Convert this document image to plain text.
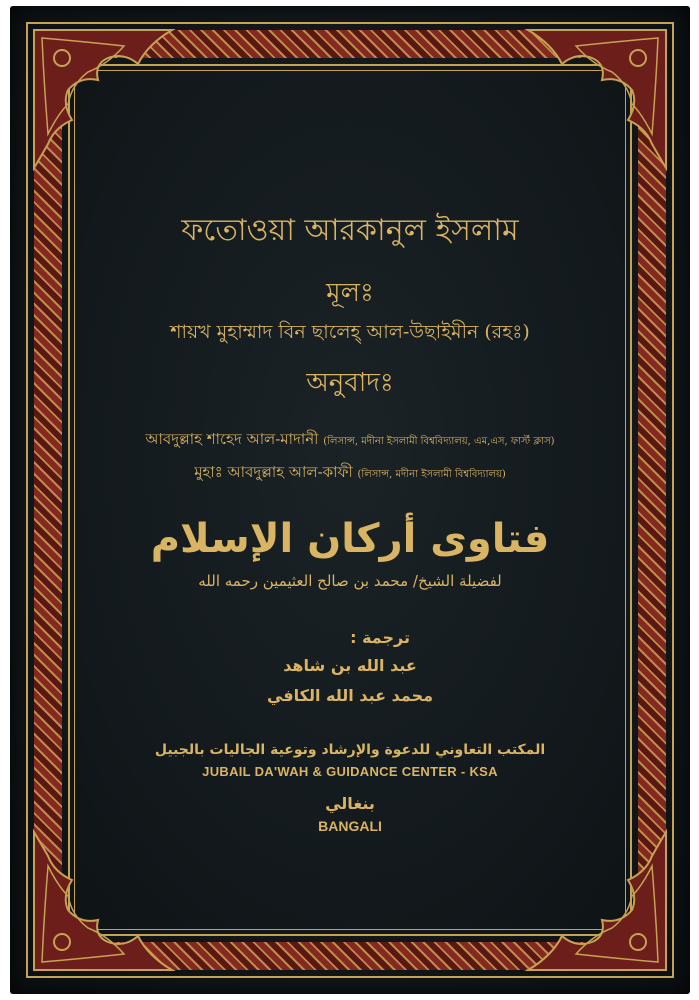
ফতোওয়া আরকানুল ইসলাম
মূলঃ
শায়খ মুহাম্মাদ বিন ছালেহ্ আল-উছাইমীন (রহঃ)
অনুবাদঃ
আবদুল্লাহ শাহেদ আল-মাদানী (লিসান্স, মদীনা ইসলামী বিশ্ববিদ্যালয়, এম,এস, ফার্স্ট ক্লাস)
মুহাঃ আবদুল্লাহ আল-কাফী (লিসান্স, মদীনা ইসলামী বিশ্ববিদ্যালয়)
فتاوى أركان الإسلام
لفضيلة الشيخ/ محمد بن صالح العثيمين رحمه الله
ترجمة :
عبد الله بن شاهد
محمد عبد الله الكافي
المكتب التعاوني للدعوة والإرشاد وتوعية الجاليات بالجبيل
JUBAIL DA'WAH & GUIDANCE CENTER - KSA
بنغالي
BANGALI
